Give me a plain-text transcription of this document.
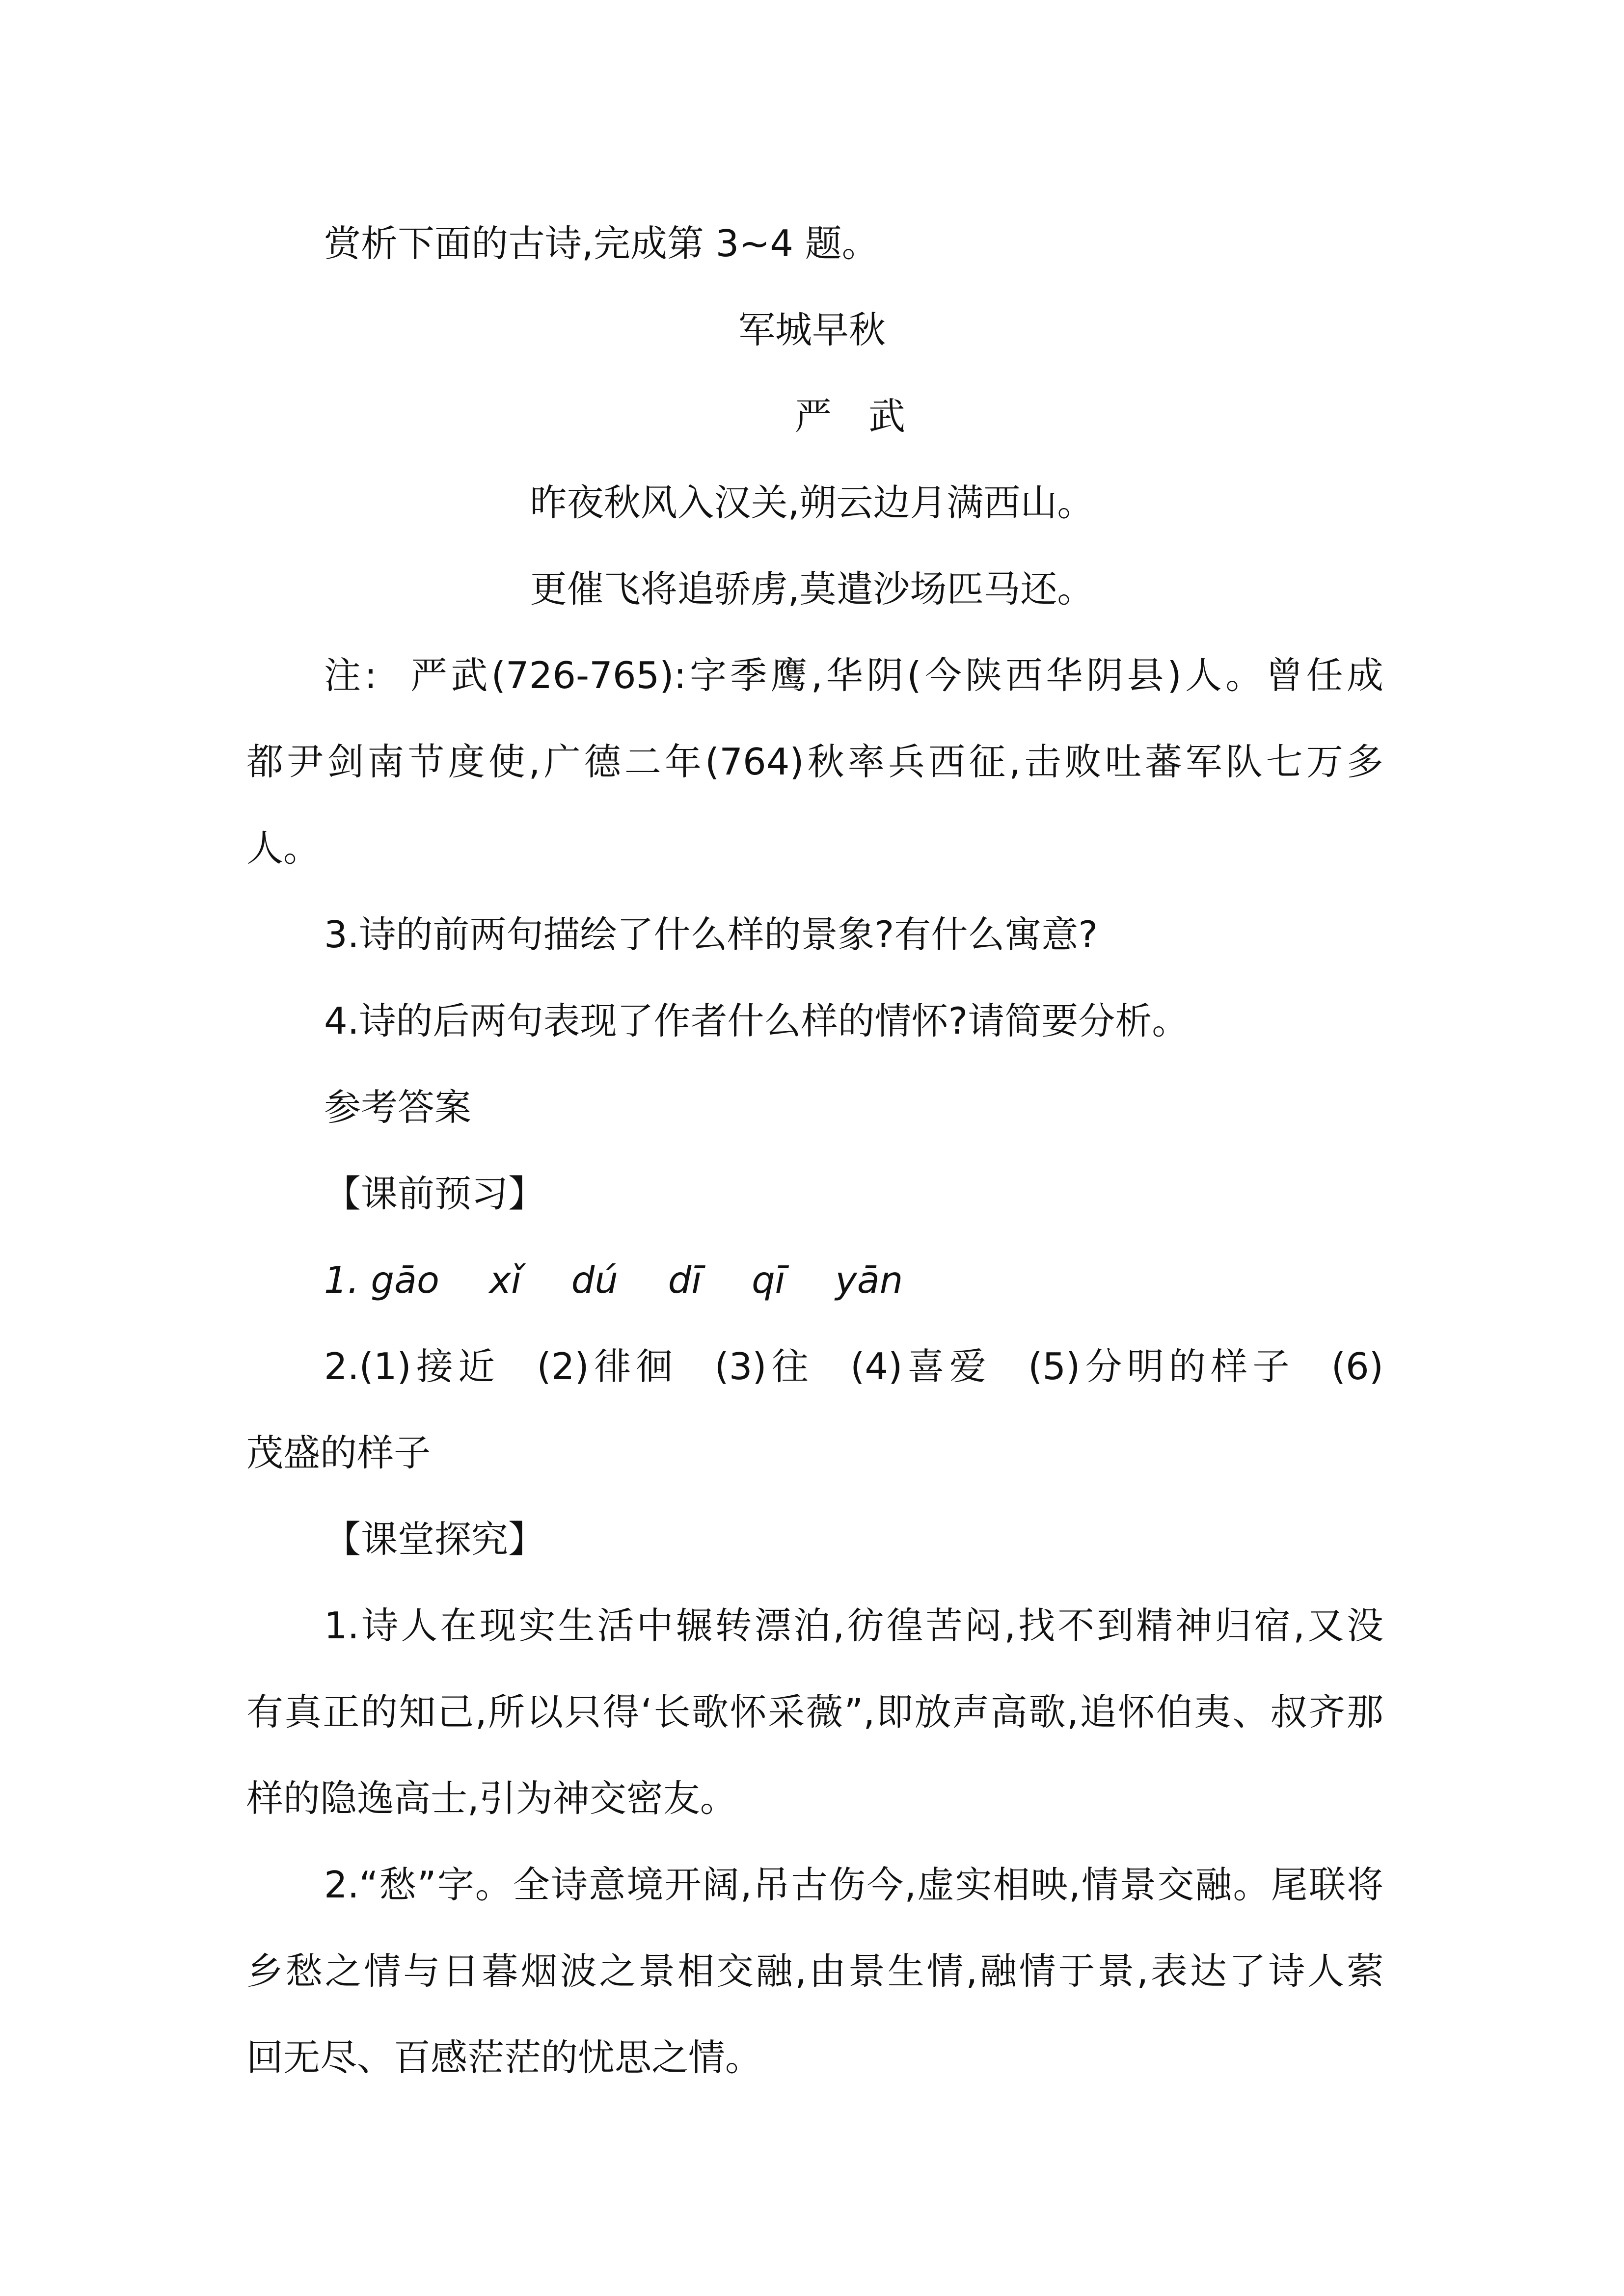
赏析下面的古诗,完成第 3~4 题。
军城早秋
严　武
昨夜秋风入汉关,朔云边月满西山。
更催飞将追骄虏,莫遣沙场匹马还。
注:  严武(726-765):字季鹰,华阴(今陕西华阴县)人。曾任成
都尹剑南节度使,广德二年(764)秋率兵西征,击败吐蕃军队七万多
人。
3.诗的前两句描绘了什么样的景象?有什么寓意?
4.诗的后两句表现了作者什么样的情怀?请简要分析。
参考答案
【课前预习】
1. gāo xǐ dú dī qī yān
2.(1)接近 (2)徘徊 (3)往 (4)喜爱 (5)分明的样子 (6)
茂盛的样子
【课堂探究】
1.诗人在现实生活中辗转漂泊,彷徨苦闷,找不到精神归宿,又没
有真正的知己,所以只得‘长歌怀采薇”,即放声高歌,追怀伯夷、叔齐那
样的隐逸高士,引为神交密友。
2.“愁”字。全诗意境开阔,吊古伤今,虚实相映,情景交融。尾联将
乡愁之情与日暮烟波之景相交融,由景生情,融情于景,表达了诗人萦
回无尽、百感茫茫的忧思之情。
